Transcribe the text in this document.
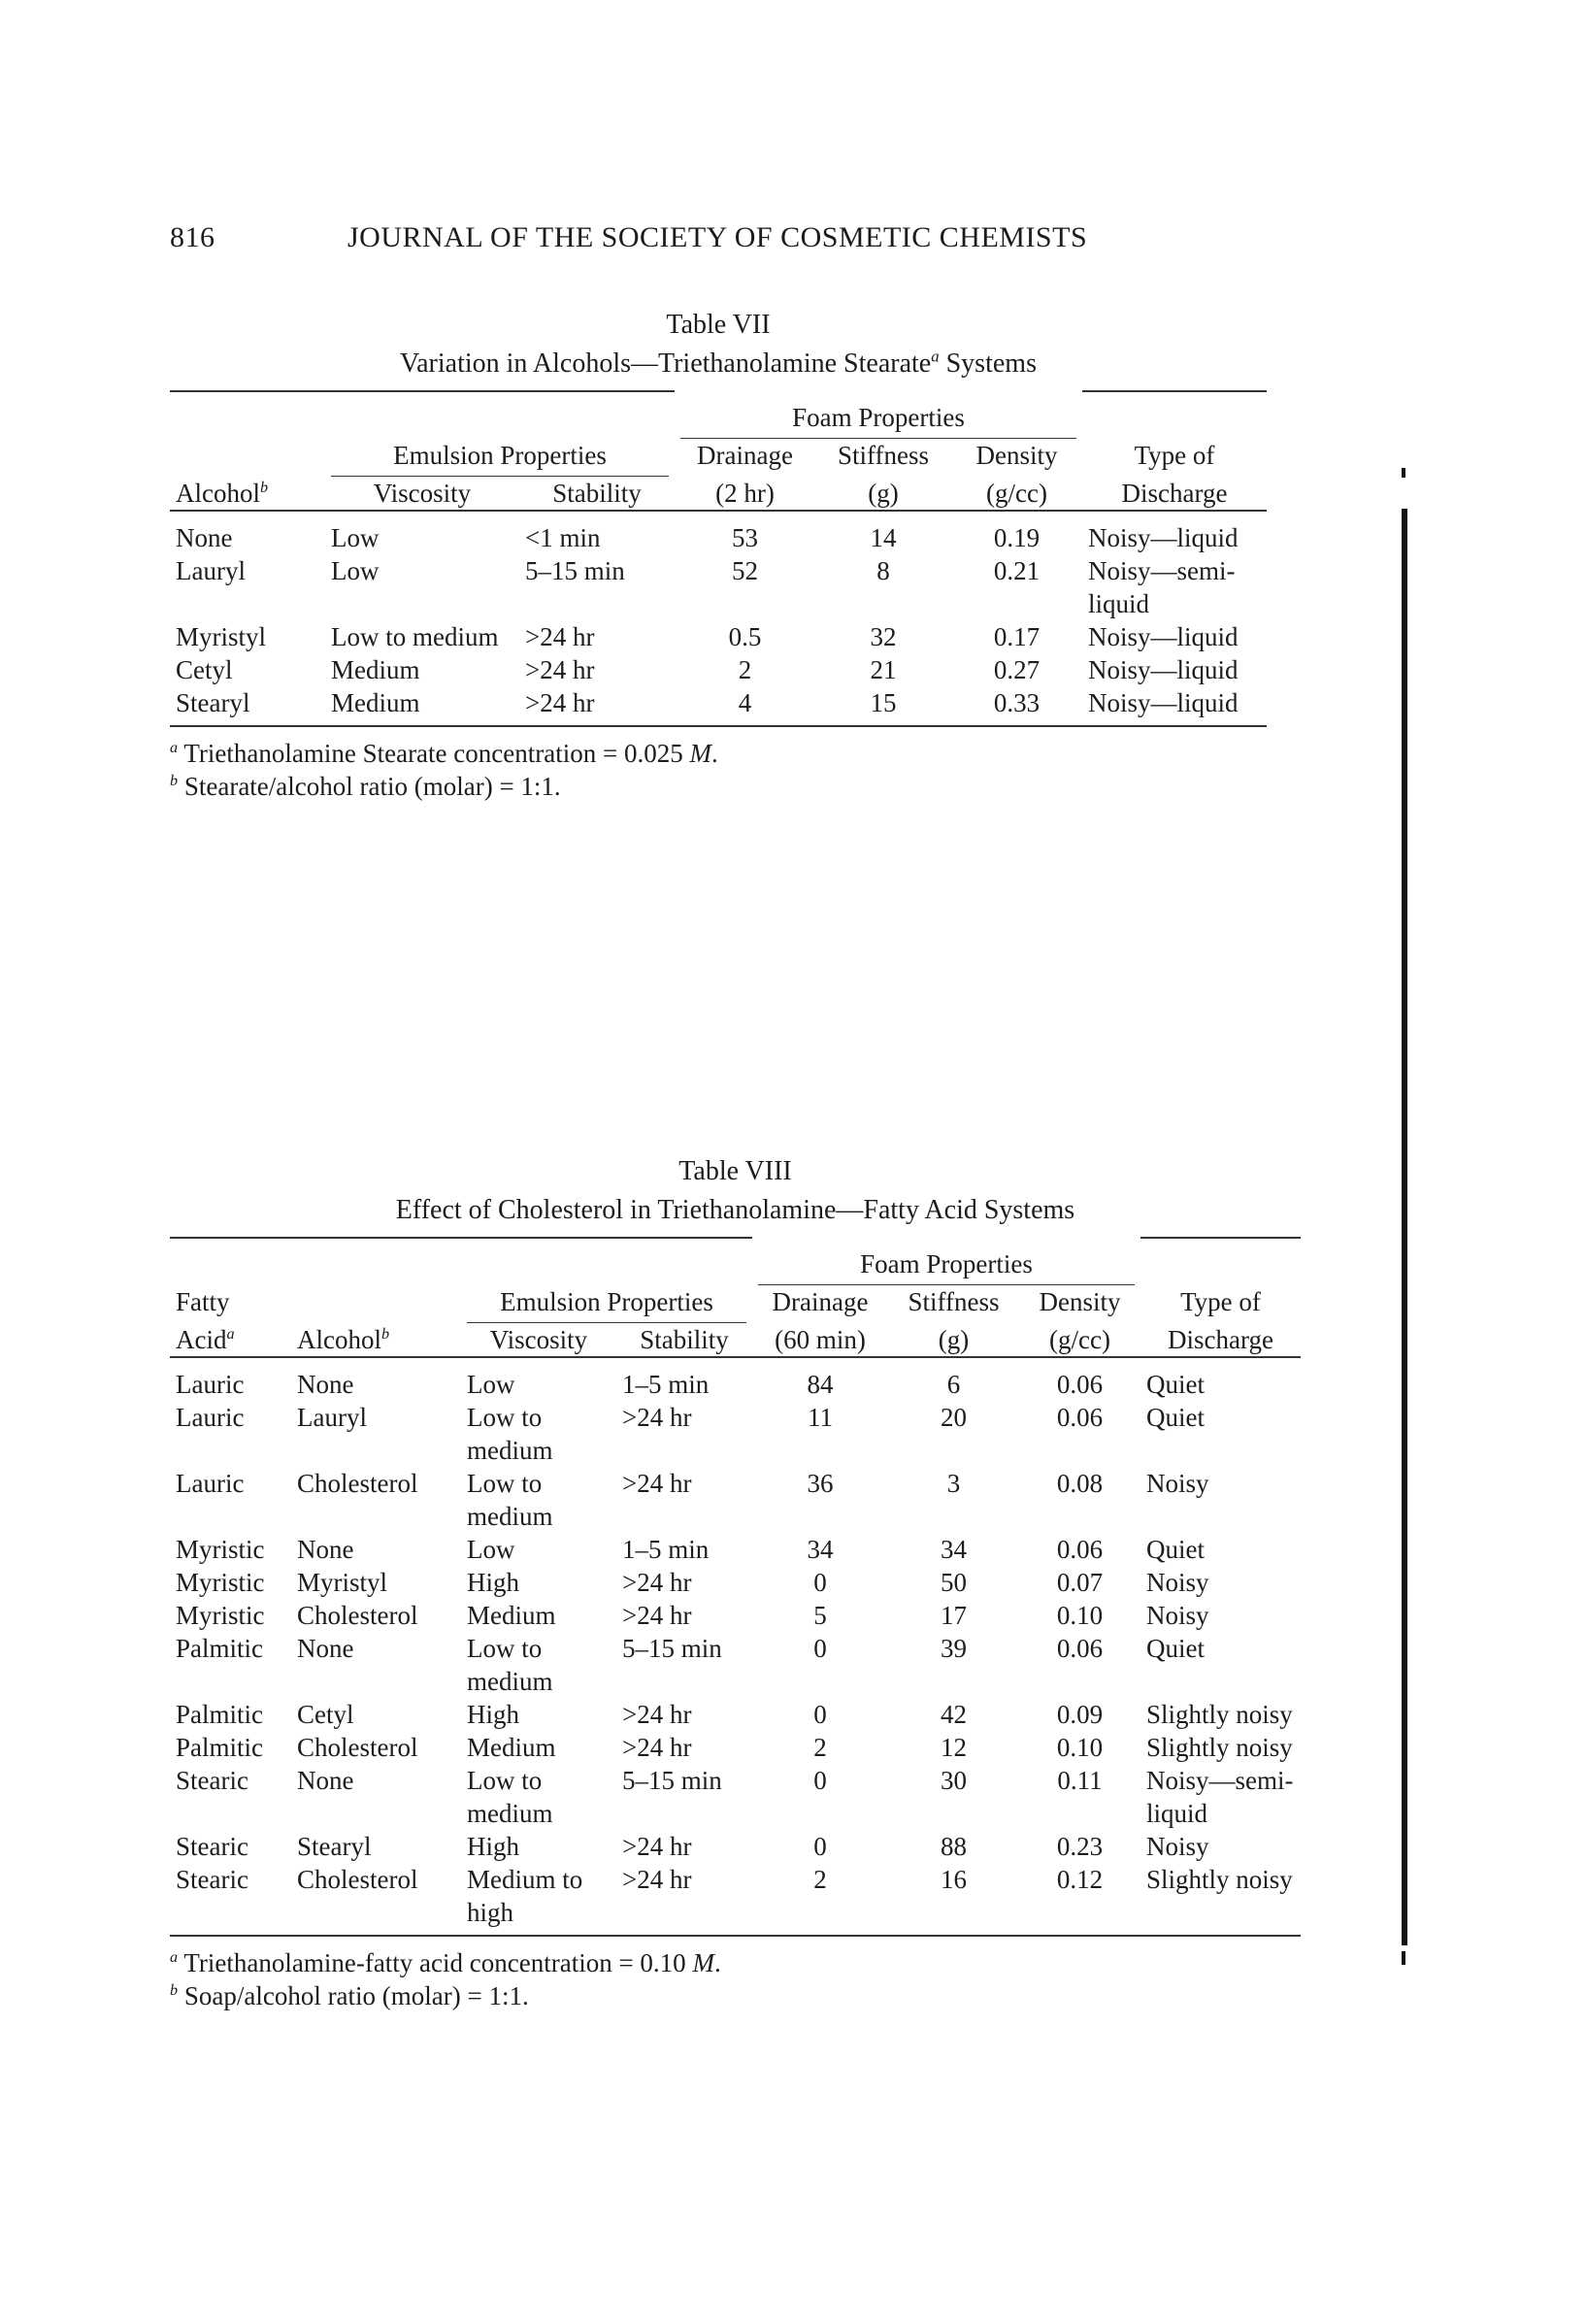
816	JOURNAL OF THE SOCIETY OF COSMETIC CHEMISTS
Table VII
Variation in Alcohols—Triethanolamine Stearate$^a$ Systems

			Foam Properties			

	Emulsion Properties		Drainage	Stiffness	Density	Type of
Alcohol$^b$	Viscosity	Stability	(2 hr)	(g)	(g/cc)	Discharge
None	Low	<1 min	53	14	0.19	Noisy—liquid
Lauryl	Low	5–15 min	52	8	0.21	Noisy—semi-liquid
Myristyl	Low to medium	>24 hr	0.5	32	0.17	Noisy—liquid
Cetyl	Medium	>24 hr	2	21	0.27	Noisy—liquid
Stearyl	Medium	>24 hr	4	15	0.33	Noisy—liquid
$^a$ Triethanolamine Stearate concentration = 0.025 M.
$^b$ Stearate/alcohol ratio (molar) = 1:1.
Table VIII
Effect of Cholesterol in Triethanolamine—Fatty Acid Systems

				Foam Properties			

Fatty		Emulsion Properties		Drainage	Stiffness	Density	Type of
Acid$^a$	Alcohol$^b$	Viscosity	Stability	(60 min)	(g)	(g/cc)	Discharge
Lauric	None	Low	1–5 min	84	6	0.06	Quiet
Lauric	Lauryl	Low to medium	>24 hr	11	20	0.06	Quiet
Lauric	Cholesterol	Low to medium	>24 hr	36	3	0.08	Noisy
Myristic	None	Low	1–5 min	34	34	0.06	Quiet
Myristic	Myristyl	High	>24 hr	0	50	0.07	Noisy
Myristic	Cholesterol	Medium	>24 hr	5	17	0.10	Noisy
Palmitic	None	Low to medium	5–15 min	0	39	0.06	Quiet
Palmitic	Cetyl	High	>24 hr	0	42	0.09	Slightly noisy
Palmitic	Cholesterol	Medium	>24 hr	2	12	0.10	Slightly noisy
Stearic	None	Low to medium	5–15 min	0	30	0.11	Noisy—semi-liquid
Stearic	Stearyl	High	>24 hr	0	88	0.23	Noisy
Stearic	Cholesterol	Medium to high	>24 hr	2	16	0.12	Slightly noisy
$^a$ Triethanolamine-fatty acid concentration = 0.10 M.
$^b$ Soap/alcohol ratio (molar) = 1:1.
